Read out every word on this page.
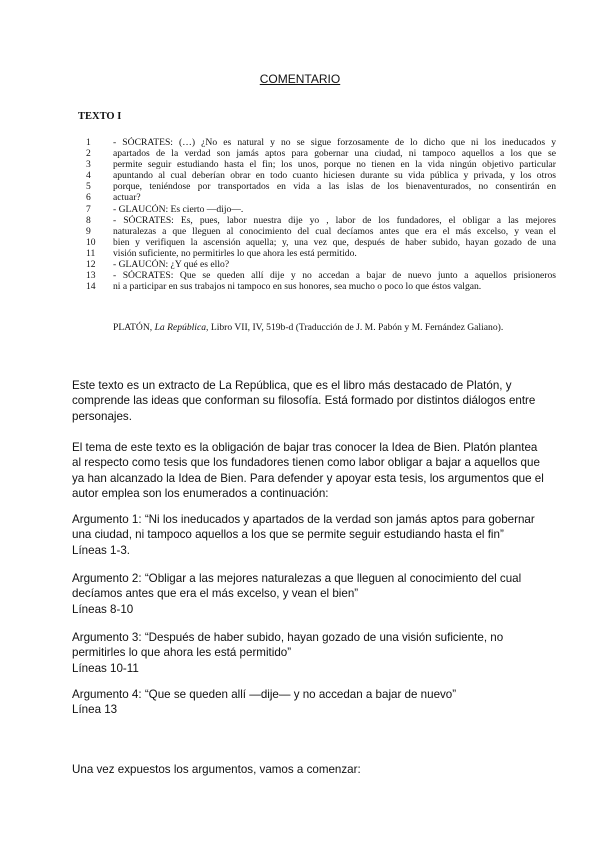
COMENTARIO
TEXTO I
1	- SÓCRATES: (…) ¿No es natural y no se sigue forzosamente de lo dicho que ni los ineducados y
2	apartados de la verdad son jamás aptos para gobernar una ciudad, ni tampoco aquellos a los que se
3	permite seguir estudiando hasta el fin; los unos, porque no tienen en la vida ningún objetivo particular
4	apuntando al cual deberían obrar en todo cuanto hiciesen durante su vida pública y privada, y los otros
5	porque, teniéndose por transportados en vida a las islas de los bienaventurados, no consentirán en
6	actuar?
7	- GLAUCÓN: Es cierto —dijo—.
8	- SÓCRATES: Es, pues, labor nuestra dije yo , labor de los fundadores, el obligar a las mejores
9	naturalezas a que lleguen al conocimiento del cual decíamos antes que era el más excelso, y vean el
10	bien y verifiquen la ascensión aquella; y, una vez que, después de haber subido, hayan gozado de una
11	visión suficiente, no permitirles lo que ahora les está permitido.
12	- GLAUCÓN: ¿Y qué es ello?
13	- SÓCRATES: Que se queden allí dije y no accedan a bajar de nuevo junto a aquellos prisioneros
14	ni a participar en sus trabajos ni tampoco en sus honores, sea mucho o poco lo que éstos valgan.
PLATÓN, La República, Libro VII, IV, 519b-d (Traducción de J. M. Pabón y M. Fernández Galiano).
Este texto es un extracto de La República, que es el libro más destacado de Platón, y
comprende las ideas que conforman su filosofía. Está formado por distintos diálogos entre
personajes.
El tema de este texto es la obligación de bajar tras conocer la Idea de Bien. Platón plantea
al respecto como tesis que los fundadores tienen como labor obligar a bajar a aquellos que
ya han alcanzado la Idea de Bien. Para defender y apoyar esta tesis, los argumentos que el
autor emplea son los enumerados a continuación:
Argumento 1: “Ni los ineducados y apartados de la verdad son jamás aptos para gobernar
una ciudad, ni tampoco aquellos a los que se permite seguir estudiando hasta el fin”
Líneas 1-3.
Argumento 2: “Obligar a las mejores naturalezas a que lleguen al conocimiento del cual
decíamos antes que era el más excelso, y vean el bien”
Líneas 8-10
Argumento 3: “Después de haber subido, hayan gozado de una visión suficiente, no
permitirles lo que ahora les está permitido”
Líneas 10-11
Argumento 4: “Que se queden allí —dije— y no accedan a bajar de nuevo”
Línea 13
Una vez expuestos los argumentos, vamos a comenzar:
